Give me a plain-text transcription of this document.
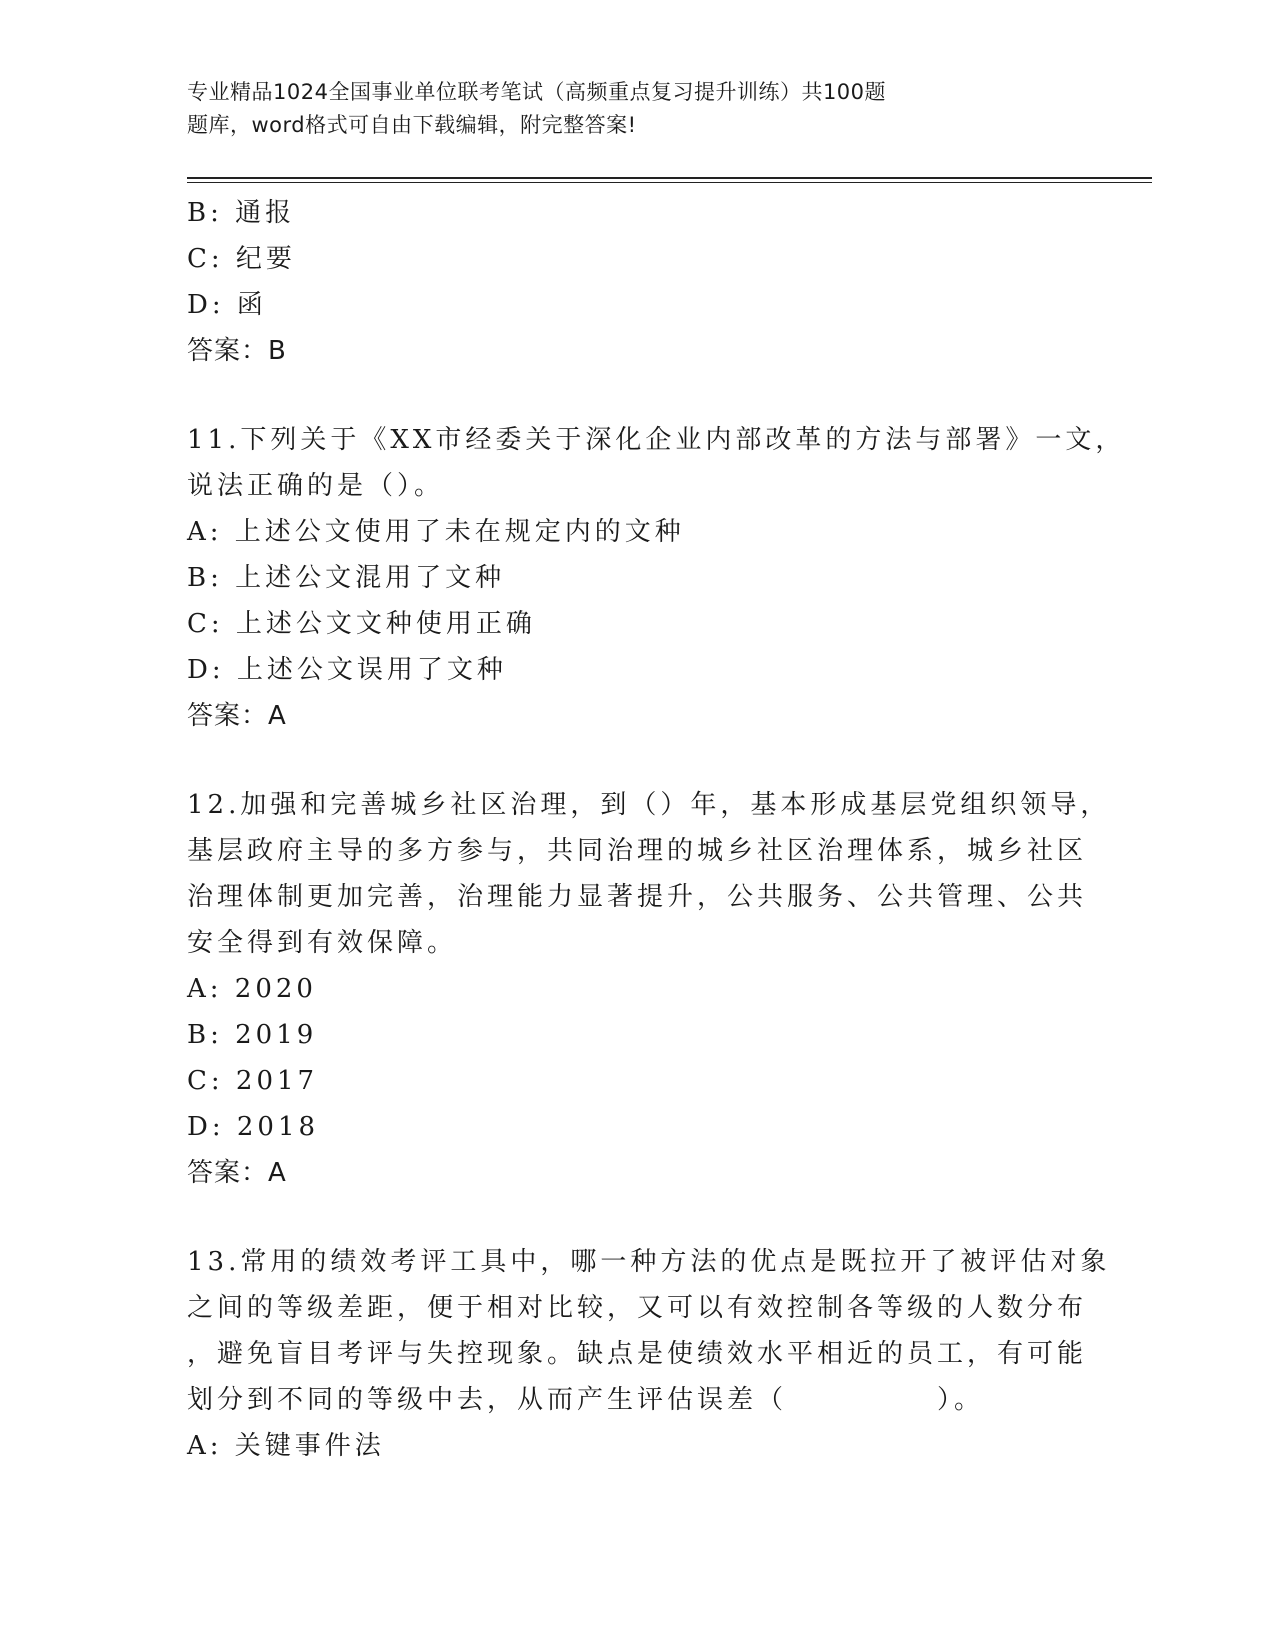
专业精品1024全国事业单位联考笔试（高频重点复习提升训练）共100题
题库，word格式可自由下载编辑，附完整答案!
B: 通报
C: 纪要
D: 函
答案：B
11.下列关于《XX市经委关于深化企业内部改革的方法与部署》一文，
说法正确的是（）。
A: 上述公文使用了未在规定内的文种
B: 上述公文混用了文种
C: 上述公文文种使用正确
D: 上述公文误用了文种
答案：A
12.加强和完善城乡社区治理，到（）年，基本形成基层党组织领导，
基层政府主导的多方参与，共同治理的城乡社区治理体系，城乡社区
治理体制更加完善，治理能力显著提升，公共服务、公共管理、公共
安全得到有效保障。
A: 2020
B: 2019
C: 2017
D: 2018
答案：A
13.常用的绩效考评工具中，哪一种方法的优点是既拉开了被评估对象
之间的等级差距，便于相对比较，又可以有效控制各等级的人数分布
，避免盲目考评与失控现象。缺点是使绩效水平相近的员工，有可能
划分到不同的等级中去，从而产生评估误差（　　　　　）。
A: 关键事件法
